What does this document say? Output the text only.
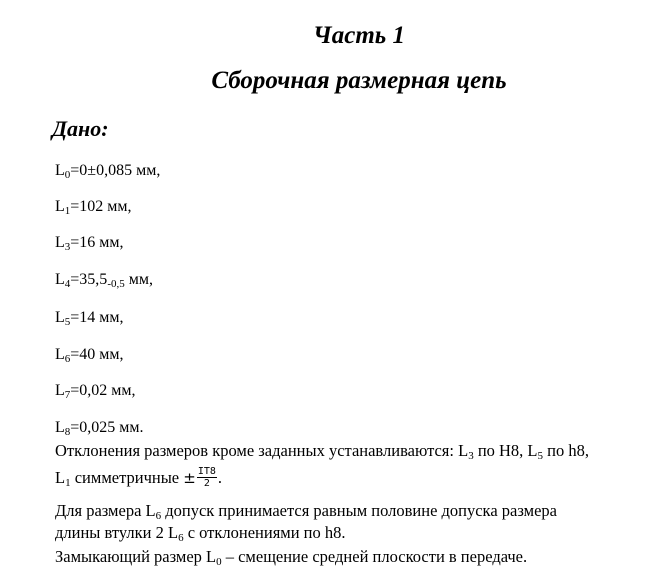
Часть 1
Сборочная размерная цепь
Дано:
$L_0=0\pm 0,085$ мм,
$L_1=102$ мм,
$L_3=16$ мм,
$L_4=35,5_{-0,5}$ мм,
$L_5=14$ мм,
$L_6=40$ мм,
$L_7=0,02$ мм,
$L_8=0,025$ мм.
Отклонения размеров кроме заданных устанавливаются: $L_3$ по H8, $L_5$ по h8,
$L_1$ симметричные ± $\frac{IT8}{2}$ .
Для размера $L_6$ допуск принимается равным половине допуска размера
длины втулки 2 $L_6$ с отклонениями по h8.
Замыкающий размер $L_0$ – смещение средней плоскости в передаче.
